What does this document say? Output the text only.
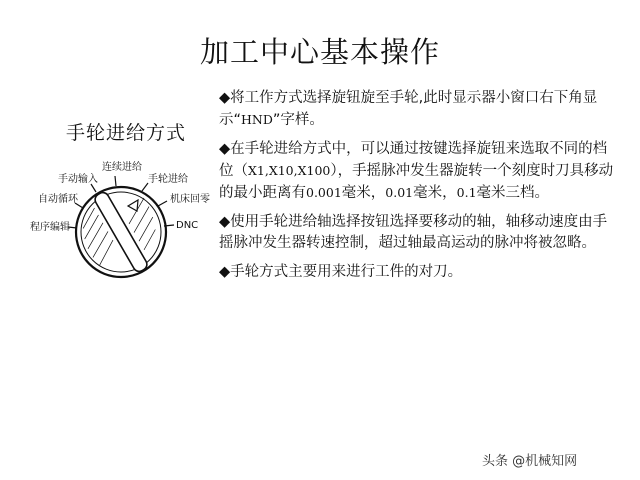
加工中心基本操作
手轮进给方式
程序编辑
自动循环
手动输入
连续进给
手轮进给
机床回零
DNC
◆将工作方式选择旋钮旋至手轮,此时显示器小窗口右下角显示“HND”字样。
◆在手轮进给方式中，可以通过按键选择旋钮来选取不同的档位（X1,X10,X100），手摇脉冲发生器旋转一个刻度时刀具移动的最小距离有0.001毫米，0.01毫米，0.1毫米三档。
◆使用手轮进给轴选择按钮选择要移动的轴，轴移动速度由手摇脉冲发生器转速控制，超过轴最高运动的脉冲将被忽略。
◆手轮方式主要用来进行工件的对刀。
头条 @机械知网
